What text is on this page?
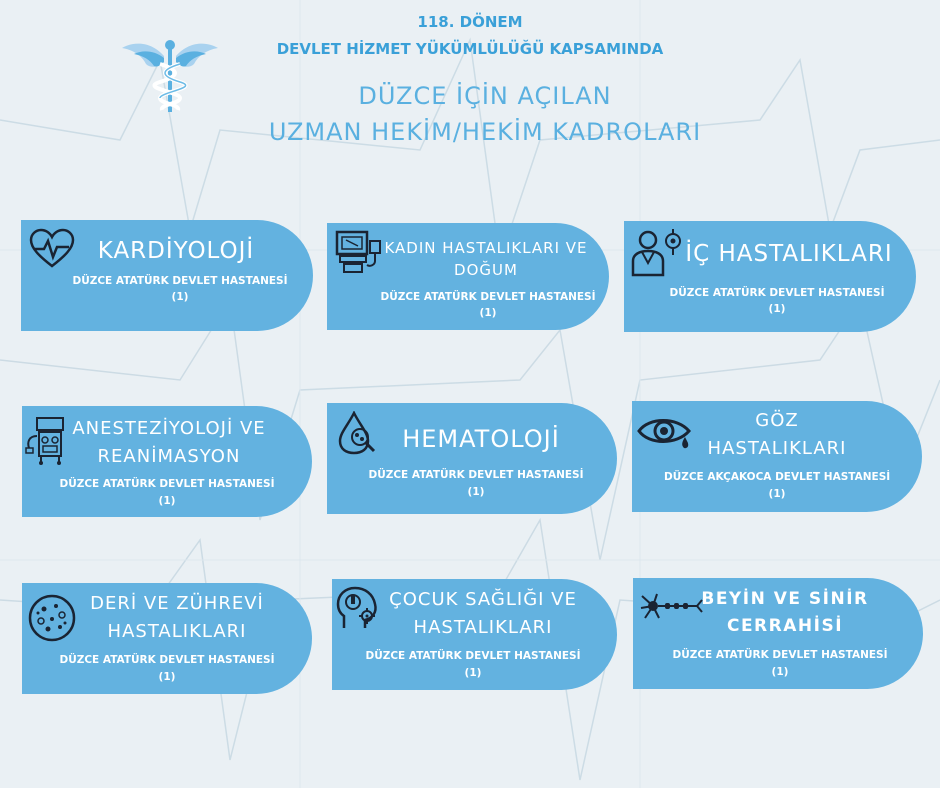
118. DÖNEM
DEVLET HİZMET YÜKÜMLÜLÜĞÜ KAPSAMINDA
DÜZCE İÇİN AÇILAN
UZMAN HEKİM/HEKİM KADROLARI
KARDİYOLOJİ
DÜZCE ATATÜRK DEVLET HASTANESİ
(1)
KADIN HASTALIKLARI VE
DOĞUM
DÜZCE ATATÜRK DEVLET HASTANESİ
(1)
İÇ HASTALIKLARI
DÜZCE ATATÜRK DEVLET HASTANESİ
(1)
ANESTEZİYOLOJİ VE
REANİMASYON
DÜZCE ATATÜRK DEVLET HASTANESİ
(1)
HEMATOLOJİ
DÜZCE ATATÜRK DEVLET HASTANESİ
(1)
GÖZ
HASTALIKLARI
DÜZCE AKÇAKOCA DEVLET HASTANESİ
(1)
DERİ VE ZÜHREVİ
HASTALIKLARI
DÜZCE ATATÜRK DEVLET HASTANESİ
(1)
ÇOCUK SAĞLIĞI VE
HASTALIKLARI
DÜZCE ATATÜRK DEVLET HASTANESİ
(1)
BEYİN VE SİNİR
CERRAHİSİ
DÜZCE ATATÜRK DEVLET HASTANESİ
(1)
